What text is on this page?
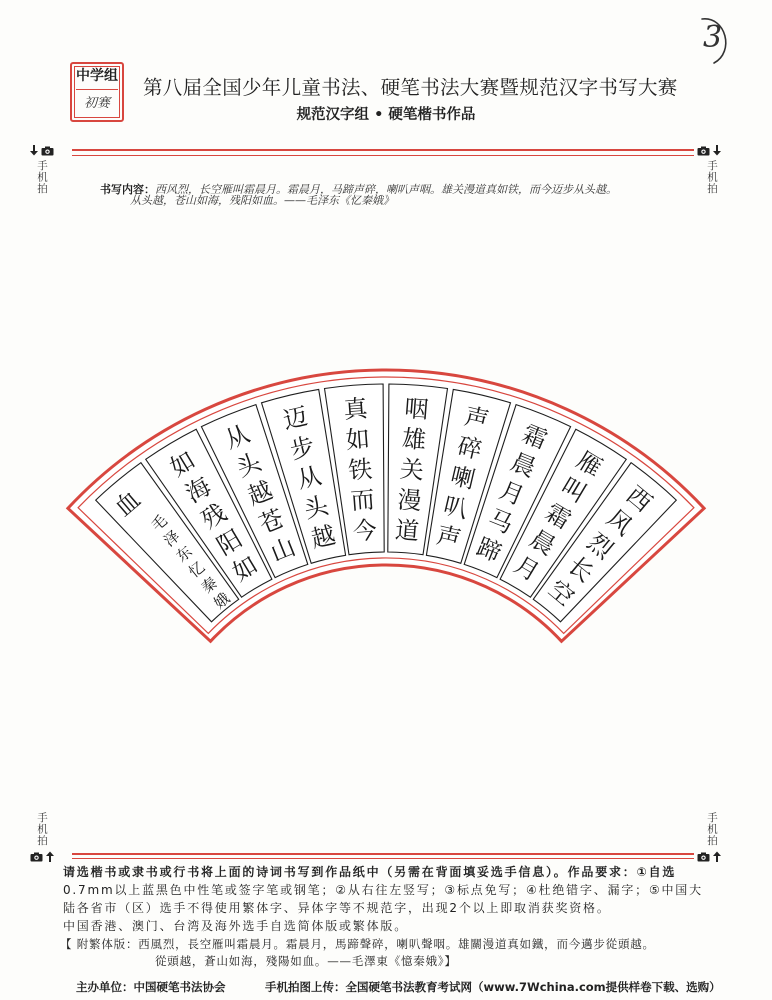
3
中学组
初赛
第八届全国少年儿童书法、硬笔书法大赛暨规范汉字书写大赛
规范汉字组 • 硬笔楷书作品
手机拍	手机拍
书写内容：西风烈，长空雁叫霜晨月。霜晨月，马蹄声碎，喇叭声咽。雄关漫道真如铁，而今迈步从头越。
从头越，苍山如海，残阳如血。——毛泽东《忆秦娥》
西风烈长空
雁叫霜晨月
霜晨月马蹄
声碎喇叭声
咽雄关漫道
真如铁而今
迈步从头越
从头越苍山
如海残阳如
血
毛泽东忆秦娥
手机拍	手机拍
请选楷书或隶书或行书将上面的诗词书写到作品纸中（另需在背面填妥选手信息）。作品要求：①自选
0.7mm以上蓝黑色中性笔或签字笔或钢笔；②从右往左竖写；③标点免写；④杜绝错字、漏字；⑤中国大
陆各省市（区）选手不得使用繁体字、异体字等不规范字，出现2个以上即取消获奖资格。
中国香港、澳门、台湾及海外选手自选简体版或繁体版。
【 附繁体版：西風烈，長空雁叫霜晨月。霜晨月，馬蹄聲碎，喇叭聲咽。雄關漫道真如鐵，而今邁步從頭越。
從頭越，蒼山如海，殘陽如血。——毛澤東《憶秦娥》】
主办单位：中国硬笔书法协会	手机拍图上传：全国硬笔书法教育考试网（www.7Wchina.com提供样卷下载、选购）
